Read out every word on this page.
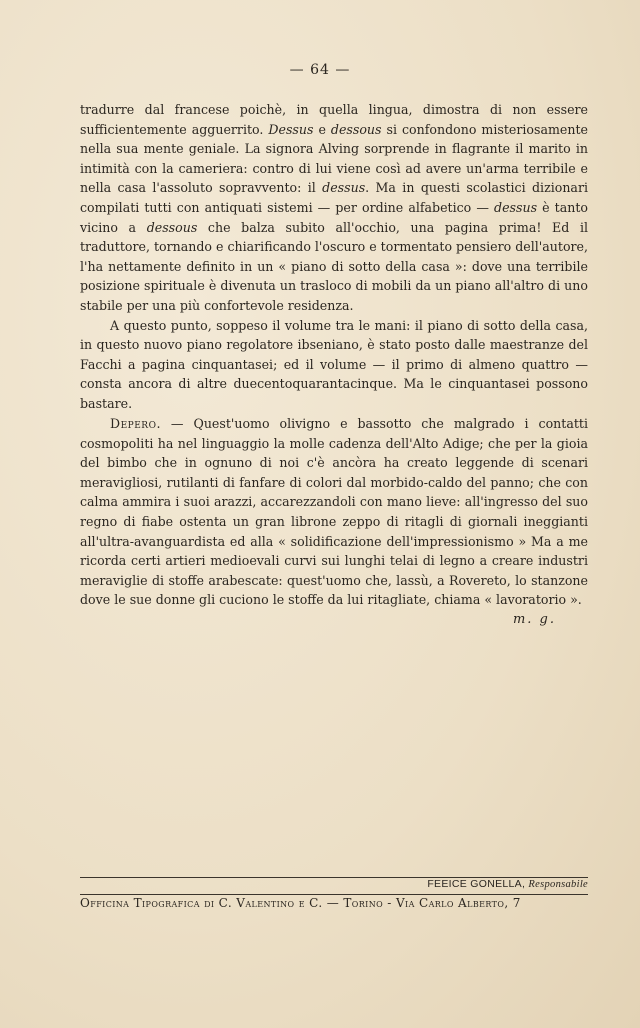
— 64 —

tradurre dal francese poichè, in quella lingua, dimostra di non essere sufficientemente agguerrito. Dessus e dessous si confondono misteriosamente nella sua mente geniale. La signora Alving sorprende in flagrante il marito in intimità con la cameriera: contro di lui viene così ad avere un'arma terribile e nella casa l'assoluto sopravvento: il dessus. Ma in questi scolastici dizionari compilati tutti con antiquati sistemi — per ordine alfabetico — dessus è tanto vicino a dessous che balza subito all'occhio, una pagina prima! Ed il traduttore, tornando e chiarificando l'oscuro e tormentato pensiero dell'autore, l'ha nettamente definito in un « piano di sotto della casa »: dove una terribile posizione spirituale è divenuta un trasloco di mobili da un piano all'altro di uno stabile per una più confortevole residenza.

A questo punto, soppeso il volume tra le mani: il piano di sotto della casa, in questo nuovo piano regolatore ibseniano, è stato posto dalle maestranze del Facchi a pagina cinquantasei; ed il volume — il primo di almeno quattro — consta ancora di altre duecentoquarantacinque. Ma le cinquantasei possono bastare.

Depero. — Quest'uomo olivigno e bassotto che malgrado i contatti cosmopoliti ha nel linguaggio la molle cadenza dell'Alto Adige; che per la gioia del bimbo che in ognuno di noi c'è ancòra ha creato leggende di scenari meravigliosi, rutilanti di fanfare di colori dal morbido-caldo del panno; che con calma ammira i suoi arazzi, accarezzandoli con mano lieve: all'ingresso del suo regno di fiabe ostenta un gran librone zeppo di ritagli di giornali ineggianti all'ultra-avanguardista ed alla « solidificazione dell'impressionismo » Ma a me ricorda certi artieri medioevali curvi sui lunghi telai di legno a creare industri meraviglie di stoffe arabescate: quest'uomo che, lassù, a Rovereto, lo stanzone dove le sue donne gli cuciono le stoffe da lui ritagliate, chiama « lavoratorio ».

m. g.
FEEICE GONELLA, Responsabile
Officina Tipografica di C. Valentino e C. — Torino - Via Carlo Alberto, 7
